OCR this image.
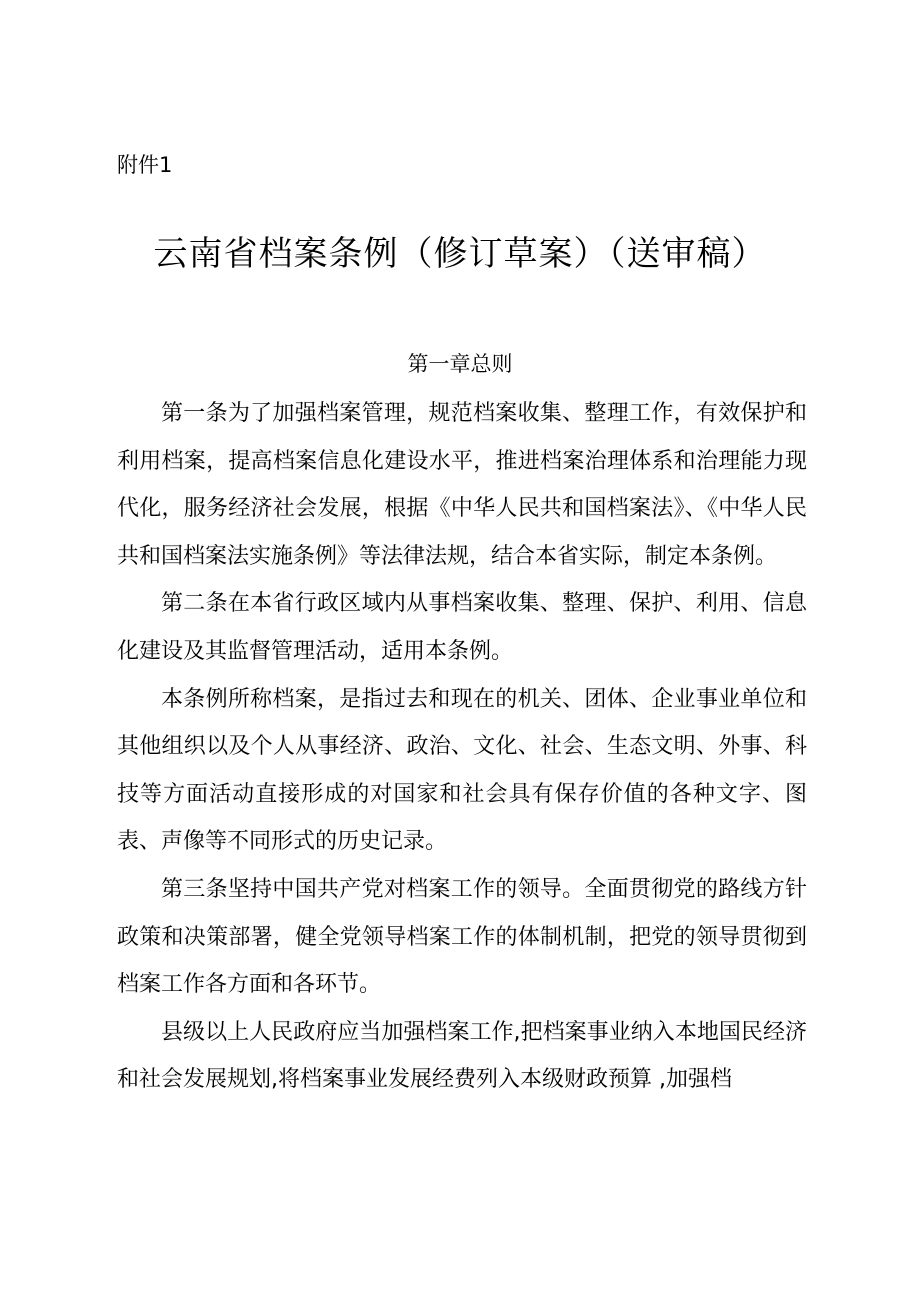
附件1
云南省档案条例（修订草案）（送审稿）
第一章总则

第一条为了加强档案管理，规范档案收集、整理工作，有效保护和利用档案，提高档案信息化建设水平，推进档案治理体系和治理能力现代化，服务经济社会发展，根据《中华人民共和国档案法》、《中华人民共和国档案法实施条例》等法律法规，结合本省实际，制定本条例。

第二条在本省行政区域内从事档案收集、整理、保护、利用、信息化建设及其监督管理活动，适用本条例。

本条例所称档案，是指过去和现在的机关、团体、企业事业单位和其他组织以及个人从事经济、政治、文化、社会、生态文明、外事、科技等方面活动直接形成的对国家和社会具有保存价值的各种文字、图表、声像等不同形式的历史记录。

第三条坚持中国共产党对档案工作的领导。全面贯彻党的路线方针政策和决策部署，健全党领导档案工作的体制机制，把党的领导贯彻到档案工作各方面和各环节。

县级以上人民政府应当加强档案工作,把档案事业纳入本地国民经济和社会发展规划,将档案事业发展经费列入本级财政预算 ,加强档
